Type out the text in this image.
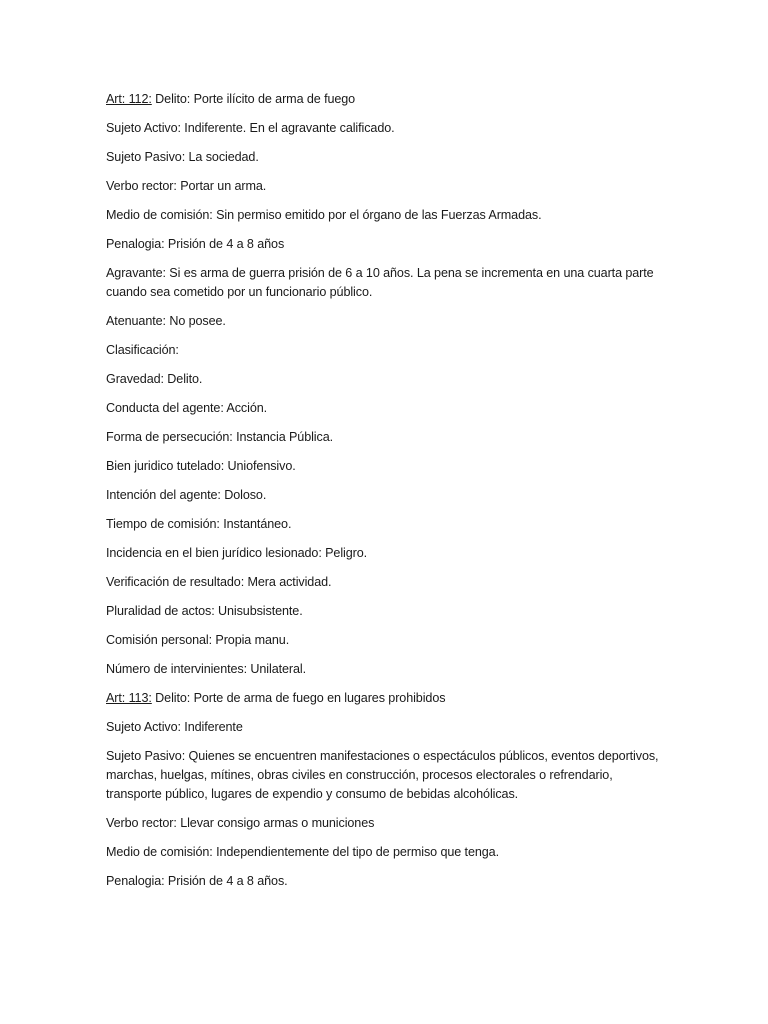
Art: 112: Delito: Porte ilícito de arma de fuego

Sujeto Activo: Indiferente. En el agravante calificado.

Sujeto Pasivo: La sociedad.

Verbo rector: Portar un arma.

Medio de comisión: Sin permiso emitido por el órgano de las Fuerzas Armadas.

Penalogia: Prisión de 4 a 8 años

Agravante: Si es arma de guerra prisión de 6 a 10 años. La pena se incrementa en una cuarta parte cuando sea cometido por un funcionario público.

Atenuante: No posee.

Clasificación:

Gravedad: Delito.

Conducta del agente: Acción.

Forma de persecución: Instancia Pública.

Bien juridico tutelado: Uniofensivo.

Intención del agente: Doloso.

Tiempo de comisión: Instantáneo.

Incidencia en el bien jurídico lesionado: Peligro.

Verificación de resultado: Mera actividad.

Pluralidad de actos: Unisubsistente.

Comisión personal: Propia manu.

Número de intervinientes: Unilateral.

Art: 113: Delito: Porte de arma de fuego en lugares prohibidos

Sujeto Activo: Indiferente

Sujeto Pasivo: Quienes se encuentren manifestaciones o espectáculos públicos, eventos deportivos, marchas, huelgas, mítines, obras civiles en construcción, procesos electorales o refrendario, transporte público, lugares de expendio y consumo de bebidas alcohólicas.

Verbo rector: Llevar consigo armas o municiones

Medio de comisión: Independientemente del tipo de permiso que tenga.

Penalogia: Prisión de 4 a 8 años.
